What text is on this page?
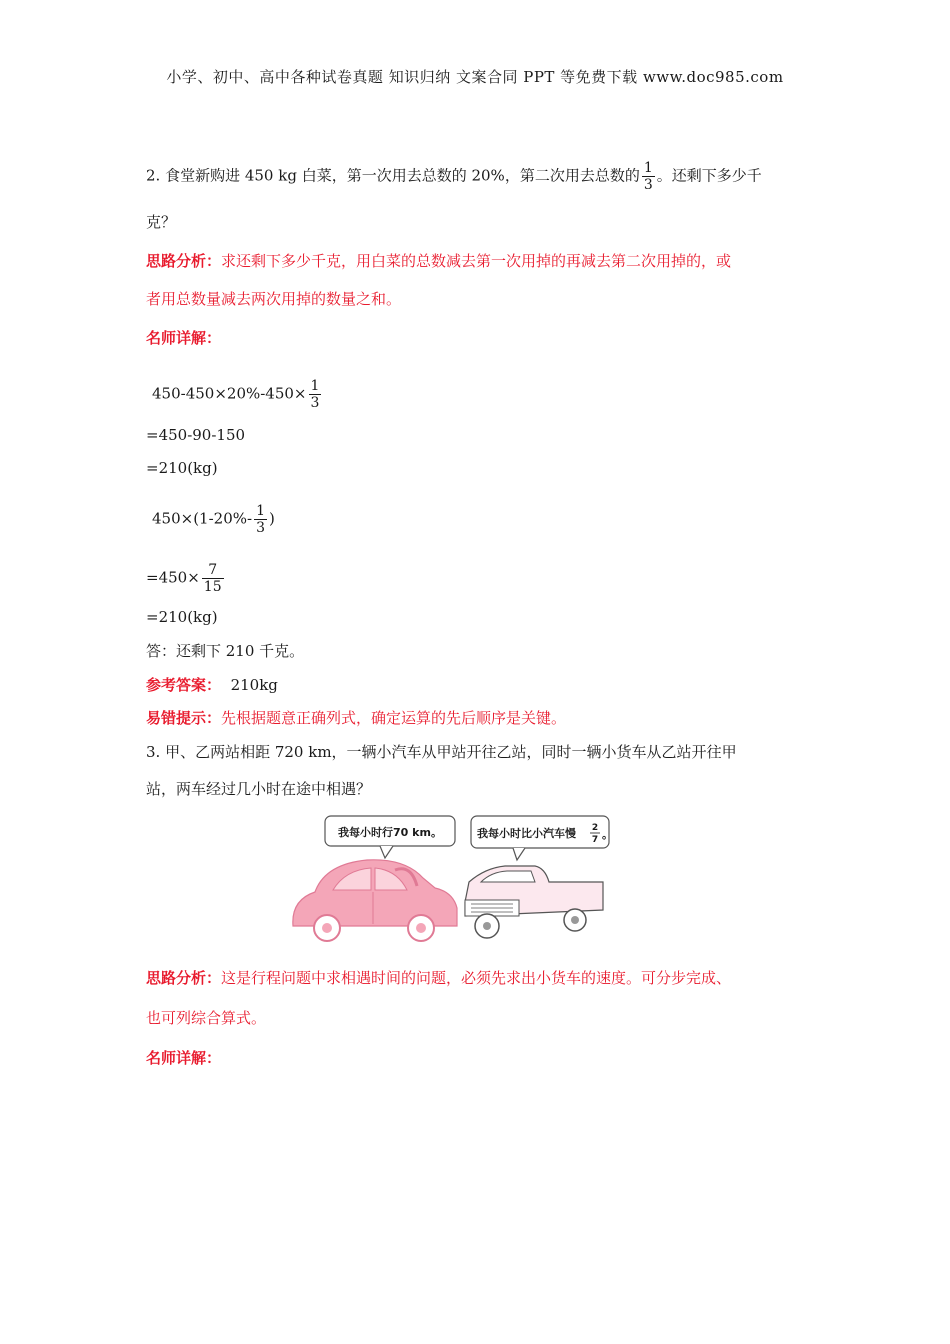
小学、初中、高中各种试卷真题 知识归纳 文案合同 PPT 等免费下载 www.doc985.com
2. 食堂新购进 450 kg 白菜，第一次用去总数的 20%，第二次用去总数的 $\frac{1}{3}$ 。还剩下多少千
克？
思路分析：求还剩下多少千克，用白菜的总数减去第一次用掉的再减去第二次用掉的，或
者用总数量减去两次用掉的数量之和。
名师详解：
$450-450\times 20\%-450\times \frac{1}{3}$
=450-90-150
=210(kg)
$450\times(1-20\%- \frac{1}{3}$ )
$=450\times \frac{7}{15}$
=210(kg)
答：还剩下 210 千克。
参考答案： 210kg
易错提示：先根据题意正确列式，确定运算的先后顺序是关键。
3. 甲、乙两站相距 720 km，一辆小汽车从甲站开往乙站，同时一辆小货车从乙站开往甲
站，两车经过几小时在途中相遇？
我每小时行70 km。	我每小时比小汽车慢 2
7 。
思路分析：这是行程问题中求相遇时间的问题，必须先求出小货车的速度。可分步完成、
也可列综合算式。
名师详解：
